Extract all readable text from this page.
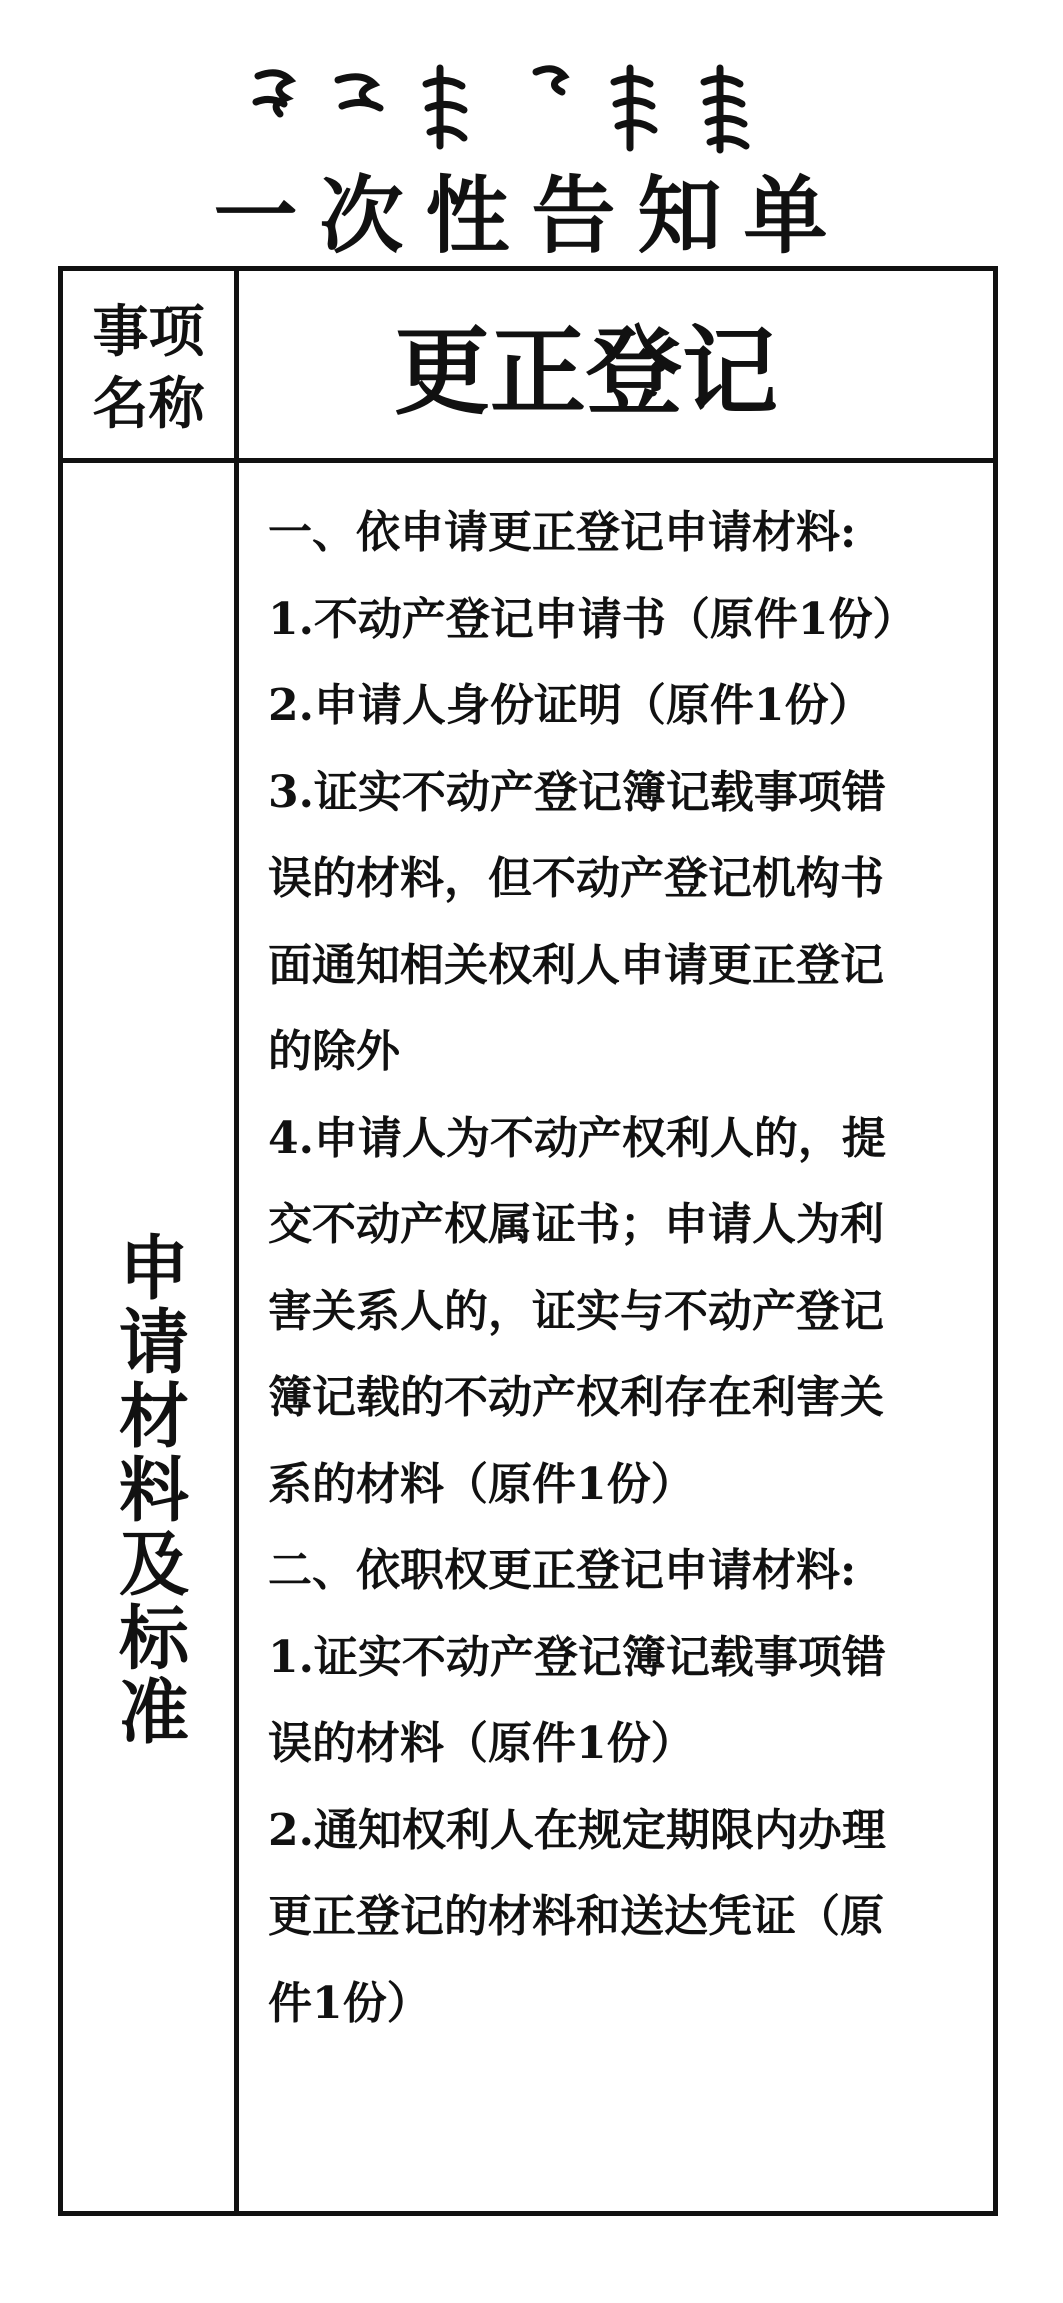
一次性告知单
事项
名称	更正登记
申请材料及标准
一、依申请更正登记申请材料:
1.不动产登记申请书（原件1份）
2.申请人身份证明（原件1份）
3.证实不动产登记簿记载事项错
误的材料，但不动产登记机构书
面通知相关权利人申请更正登记
的除外
4.申请人为不动产权利人的，提
交不动产权属证书；申请人为利
害关系人的，证实与不动产登记
簿记载的不动产权利存在利害关
系的材料（原件1份）
二、依职权更正登记申请材料:
1.证实不动产登记簿记载事项错
误的材料（原件1份）
2.通知权利人在规定期限内办理
更正登记的材料和送达凭证（原
件1份）
